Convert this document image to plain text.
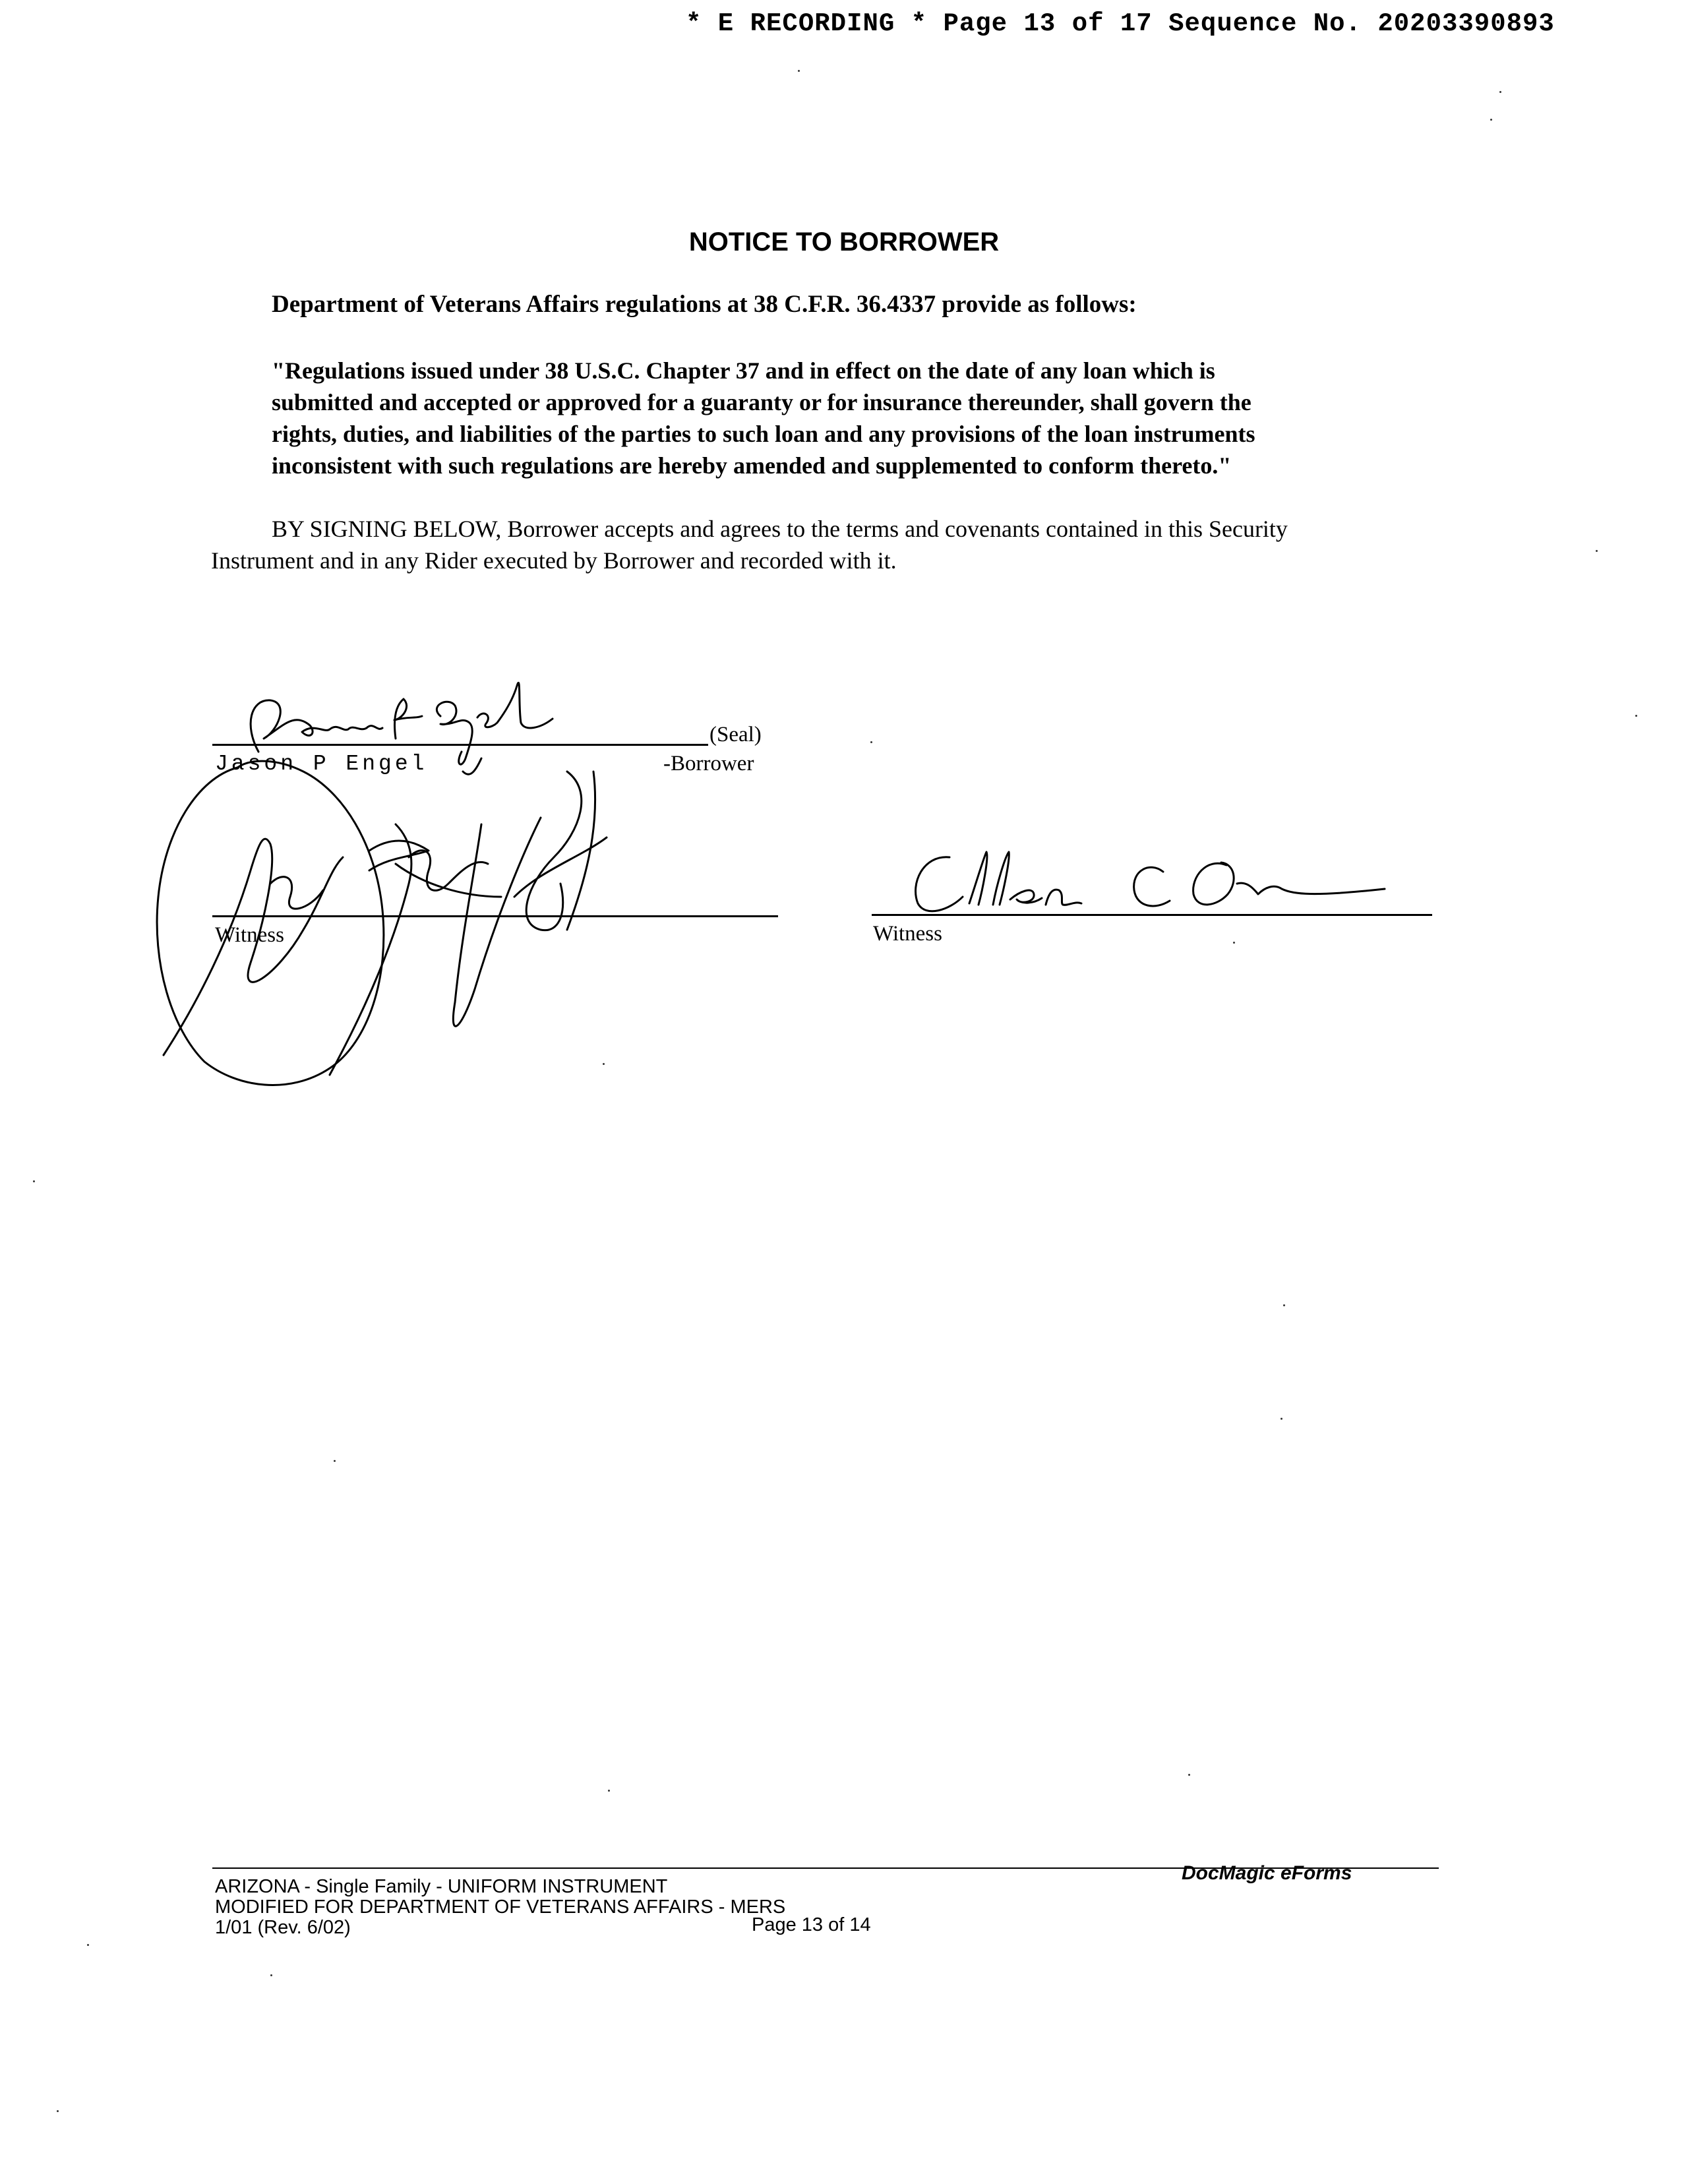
* E RECORDING * Page 13 of 17 Sequence No. 20203390893
NOTICE TO BORROWER
Department of Veterans Affairs regulations at 38 C.F.R. 36.4337 provide as follows:
"Regulations issued under 38 U.S.C. Chapter 37 and in effect on the date of any loan which is
submitted and accepted or approved for a guaranty or for insurance thereunder, shall govern the
rights, duties, and liabilities of the parties to such loan and any provisions of the loan instruments
inconsistent with such regulations are hereby amended and supplemented to conform thereto."
BY SIGNING BELOW, Borrower accepts and agrees to the terms and covenants contained in this Security
Instrument and in any Rider executed by Borrower and recorded with it.
(Seal)
-Borrower
Jason P Engel
Witness	Witness
DocMagic eForms
ARIZONA - Single Family - UNIFORM INSTRUMENT
MODIFIED FOR DEPARTMENT OF VETERANS AFFAIRS - MERS
1/01 (Rev. 6/02)	Page 13 of 14
